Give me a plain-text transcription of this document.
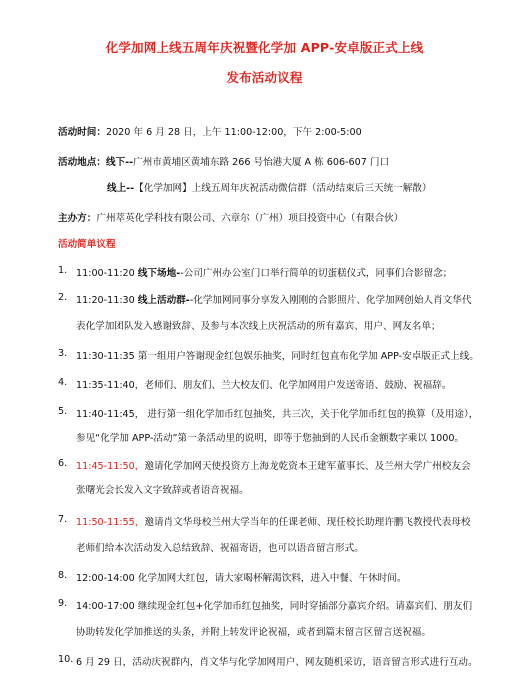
化学加网上线五周年庆祝暨化学加 APP-安卓版正式上线
发布活动议程
活动时间：2020 年 6 月 28 日，上午 11:00-12:00，下午 2:00-5:00
活动地点：线下--广州市黄埔区黄埔东路 266 号怡港大厦 A 栋 606-607 门口
线上--【化学加网】上线五周年庆祝活动微信群（活动结束后三天统一解散）
主办方：广州萃英化学科技有限公司、六章尔（广州）项目投资中心（有限合伙）
活动简单议程
1. 11:00-11:20 线下场地--公司广州办公室门口举行简单的切蛋糕仪式，同事们合影留念；
2. 11:20-11:30 线上活动群--化学加网同事分享发入刚刚的合影照片、化学加网创始人肖文华代
表化学加团队发入感谢致辞、及参与本次线上庆祝活动的所有嘉宾、用户、网友名单；
3. 11:30-11:35 第一组用户答谢现金红包娱乐抽奖，同时红包直布化学加 APP-安卓版正式上线。
4. 11:35-11:40，老师们、朋友们、兰大校友们、化学加网用户发送寄语、鼓励、祝福辞。
5. 11:40-11:45， 进行第一组化学加币红包抽奖，共三次，关于化学加币红包的换算（及用途），
参见“化学加 APP-活动”第一条活动里的说明，即等于您抽到的人民币金额数字乘以 1000。
6. 11:45-11:50，邀请化学加网天使投资方上海龙乾资本王建军董事长、及兰州大学广州校友会
张曙光会长发入文字致辞或者语音祝福。
7. 11:50-11:55，邀请肖文华母校兰州大学当年的任课老师、现任校长助理许鹏飞教授代表母校
老师们给本次活动发入总结致辞、祝福寄语，也可以语音留言形式。
8. 12:00-14:00 化学加网大红包，请大家喝杯解渴饮料，进入中餐、午休时间。
9. 14:00-17:00 继续现金红包+化学加币红包抽奖，同时穿插部分嘉宾介绍。请嘉宾们、朋友们
协助转发化学加推送的头条，并附上转发评论祝福，或者到篇末留言区留言送祝福。
10. 6 月 29 日，活动庆祝群内，肖文华与化学加网用户、网友随机采访，语音留言形式进行互动。
